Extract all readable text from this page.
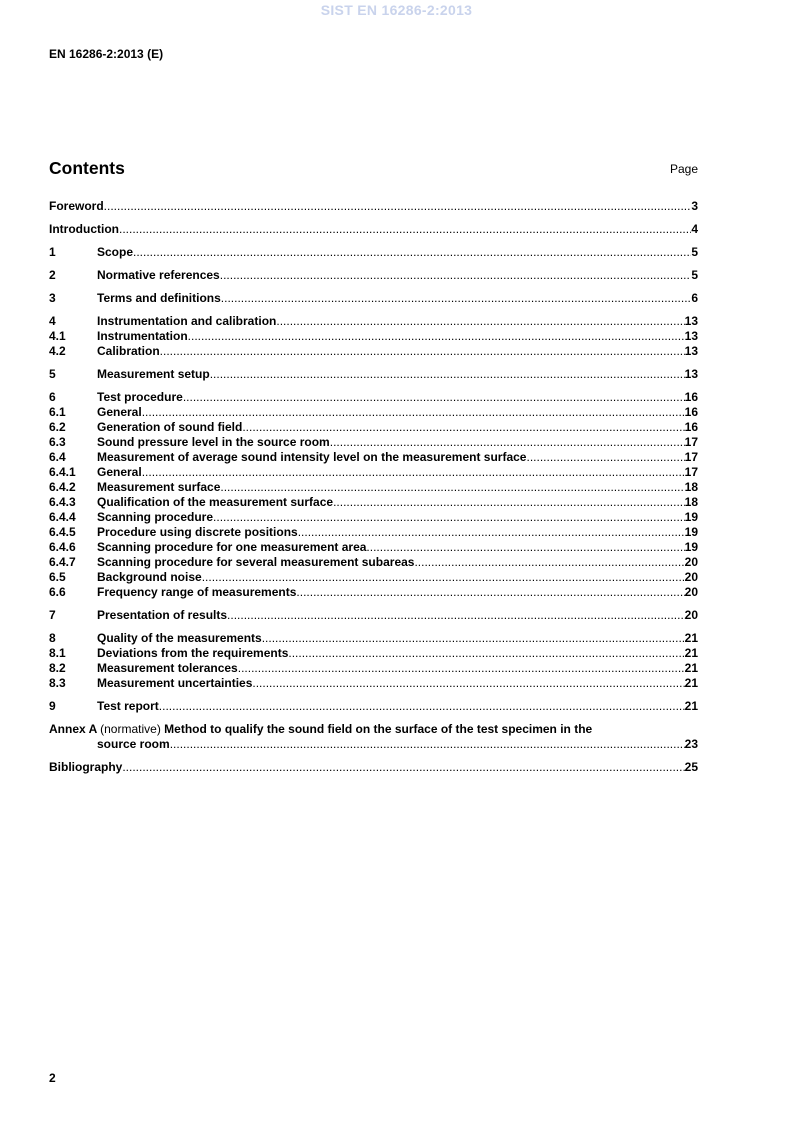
SIST EN 16286-2:2013
EN 16286-2:2013 (E)
Contents	Page
Foreword .....	3
Introduction .....	4
1	Scope .....	5
2	Normative references .....	5
3	Terms and definitions .....	6
4	Instrumentation and calibration .....	13
4.1	Instrumentation .....	13
4.2	Calibration .....	13
5	Measurement setup .....	13
6	Test procedure .....	16
6.1	General .....	16
6.2	Generation of sound field .....	16
6.3	Sound pressure level in the source room .....	17
6.4	Measurement of average sound intensity level on the measurement surface .....	17
6.4.1	General .....	17
6.4.2	Measurement surface .....	18
6.4.3	Qualification of the measurement surface .....	18
6.4.4	Scanning procedure .....	19
6.4.5	Procedure using discrete positions .....	19
6.4.6	Scanning procedure for one measurement area .....	19
6.4.7	Scanning procedure for several measurement subareas .....	20
6.5	Background noise .....	20
6.6	Frequency range of measurements .....	20
7	Presentation of results .....	20
8	Quality of the measurements .....	21
8.1	Deviations from the requirements .....	21
8.2	Measurement tolerances .....	21
8.3	Measurement uncertainties .....	21
9	Test report .....	21
Annex A (normative) Method to qualify the sound field on the surface of the test specimen in the
source room .....	23
Bibliography .....	25
2
